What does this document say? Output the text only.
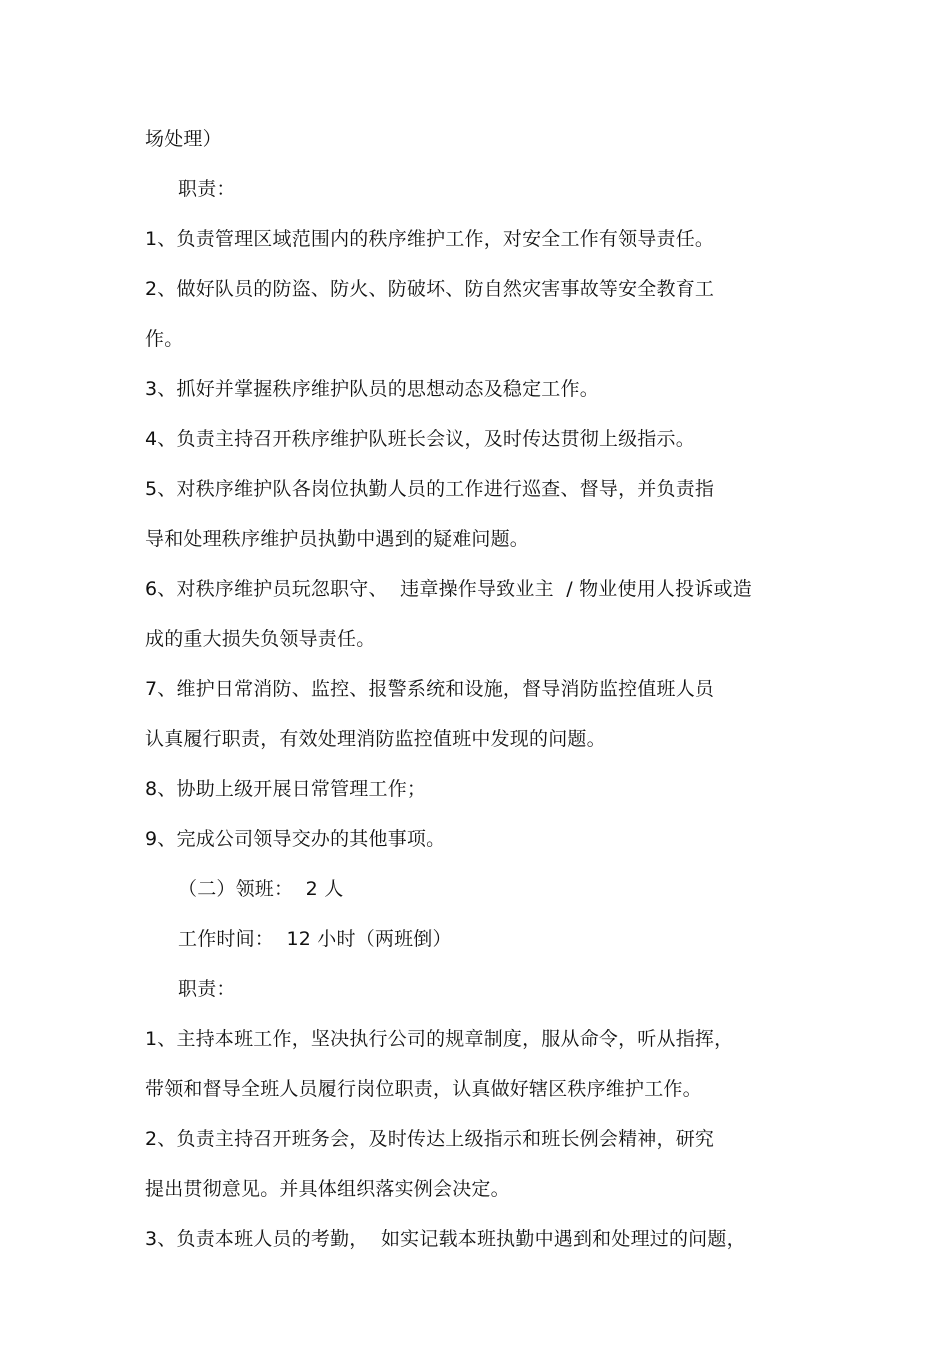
场处理）
职责：
1、负责管理区域范围内的秩序维护工作，对安全工作有领导责任。
2、做好队员的防盗、防火、防破坏、防自然灾害事故等安全教育工
作。
3、抓好并掌握秩序维护队员的思想动态及稳定工作。
4、负责主持召开秩序维护队班长会议，及时传达贯彻上级指示。
5、对秩序维护队各岗位执勤人员的工作进行巡查、督导，并负责指
导和处理秩序维护员执勤中遇到的疑难问题。
6、对秩序维护员玩忽职守、  违章操作导致业主  / 物业使用人投诉或造
成的重大损失负领导责任。
7、维护日常消防、监控、报警系统和设施，督导消防监控值班人员
认真履行职责，有效处理消防监控值班中发现的问题。
8、协助上级开展日常管理工作；
9、完成公司领导交办的其他事项。
（二）领班：  2 人
工作时间：  12 小时（两班倒）
职责：
1、主持本班工作，坚决执行公司的规章制度，服从命令，听从指挥，
带领和督导全班人员履行岗位职责，认真做好辖区秩序维护工作。
2、负责主持召开班务会，及时传达上级指示和班长例会精神，研究
提出贯彻意见。并具体组织落实例会决定。
3、负责本班人员的考勤，  如实记载本班执勤中遇到和处理过的问题，
